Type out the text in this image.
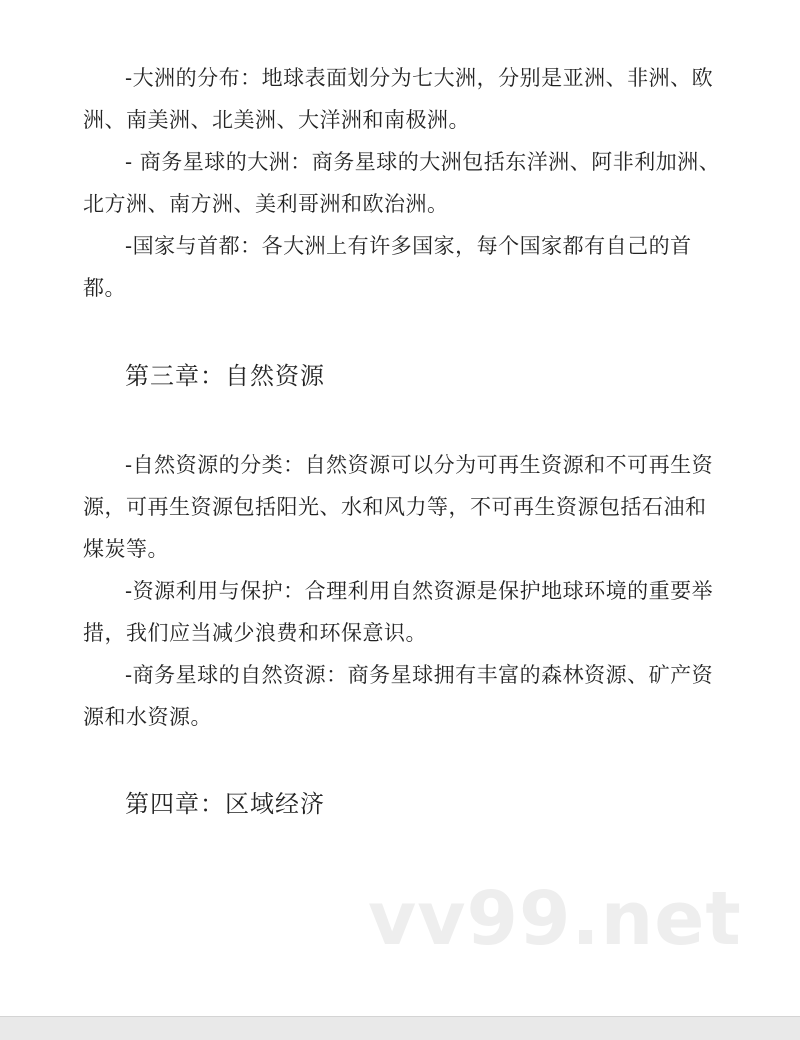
-大洲的分布：地球表面划分为七大洲，分别是亚洲、非洲、欧洲、南美洲、北美洲、大洋洲和南极洲。

- 商务星球的大洲：商务星球的大洲包括东洋洲、阿非利加洲、北方洲、南方洲、美利哥洲和欧治洲。

-国家与首都：各大洲上有许多国家，每个国家都有自己的首都。

第三章：自然资源

-自然资源的分类：自然资源可以分为可再生资源和不可再生资源，可再生资源包括阳光、水和风力等，不可再生资源包括石油和煤炭等。

-资源利用与保护：合理利用自然资源是保护地球环境的重要举措，我们应当减少浪费和环保意识。

-商务星球的自然资源：商务星球拥有丰富的森林资源、矿产资源和水资源。

第四章：区域经济
vv99.net
